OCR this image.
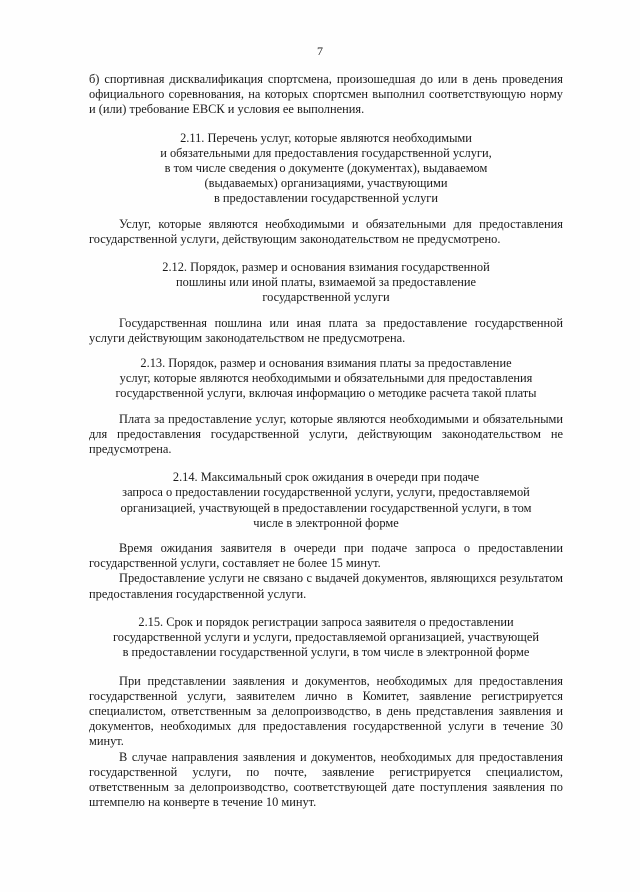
7

б) спортивная дисквалификация спортсмена, произошедшая до или в день проведения официального соревнования, на которых спортсмен выполнил соответствующую норму и (или) требование ЕВСК и условия ее выполнения.

2.11. Перечень услуг, которые являются необходимыми
и обязательными для предоставления государственной услуги,
в том числе сведения о документе (документах), выдаваемом
(выдаваемых) организациями, участвующими
в предоставлении государственной услуги

Услуг, которые являются необходимыми и обязательными для предоставления государственной услуги, действующим законодательством не предусмотрено.

2.12. Порядок, размер и основания взимания государственной
пошлины или иной платы, взимаемой за предоставление
государственной услуги

Государственная пошлина или иная плата за предоставление государственной услуги действующим законодательством не предусмотрена.

2.13. Порядок, размер и основания взимания платы за предоставление
услуг, которые являются необходимыми и обязательными для предоставления
государственной услуги, включая информацию о методике расчета такой платы

Плата за предоставление услуг, которые являются необходимыми и обязательными для предоставления государственной услуги, действующим законодательством не предусмотрена.

2.14. Максимальный срок ожидания в очереди при подаче
запроса о предоставлении государственной услуги, услуги, предоставляемой
организацией, участвующей в предоставлении государственной услуги, в том
числе в электронной форме

Время ожидания заявителя в очереди при подаче запроса о предоставлении государственной услуги, составляет не более 15 минут.

Предоставление услуги не связано с выдачей документов, являющихся результатом предоставления государственной услуги.

2.15. Срок и порядок регистрации запроса заявителя о предоставлении
государственной услуги и услуги, предоставляемой организацией, участвующей
в предоставлении государственной услуги, в том числе в электронной форме

При представлении заявления и документов, необходимых для предоставления государственной услуги, заявителем лично в Комитет, заявление регистрируется специалистом, ответственным за делопроизводство, в день представления заявления и документов, необходимых для предоставления государственной услуги в течение 30 минут.

В случае направления заявления и документов, необходимых для предоставления государственной услуги, по почте, заявление регистрируется специалистом, ответственным за делопроизводство, соответствующей дате поступления заявления по штемпелю на конверте в течение 10 минут.
